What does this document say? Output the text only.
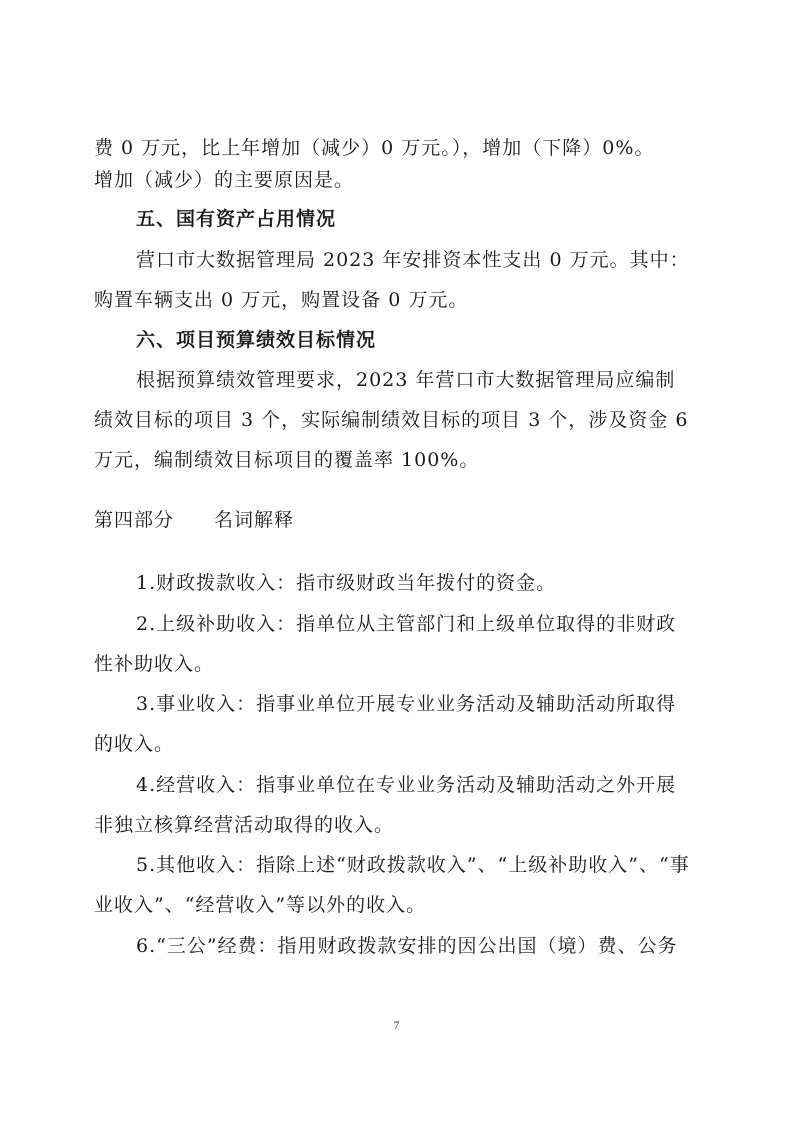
费 0 万元，比上年增加（减少）0 万元。），增加（下降）0%。
增加（减少）的主要原因是。
五、国有资产占用情况
营口市大数据管理局 2023 年安排资本性支出 0 万元。其中：
购置车辆支出 0 万元，购置设备 0 万元。
六、项目预算绩效目标情况
根据预算绩效管理要求，2023 年营口市大数据管理局应编制
绩效目标的项目 3 个，实际编制绩效目标的项目 3 个，涉及资金 6
万元，编制绩效目标项目的覆盖率 100%。
第四部分 名词解释
1.财政拨款收入：指市级财政当年拨付的资金。
2.上级补助收入：指单位从主管部门和上级单位取得的非财政
性补助收入。
3.事业收入：指事业单位开展专业业务活动及辅助活动所取得
的收入。
4.经营收入：指事业单位在专业业务活动及辅助活动之外开展
非独立核算经营活动取得的收入。
5.其他收入：指除上述“财政拨款收入”、“上级补助收入”、“事
业收入”、“经营收入”等以外的收入。
6.“三公”经费：指用财政拨款安排的因公出国（境）费、公务
7
